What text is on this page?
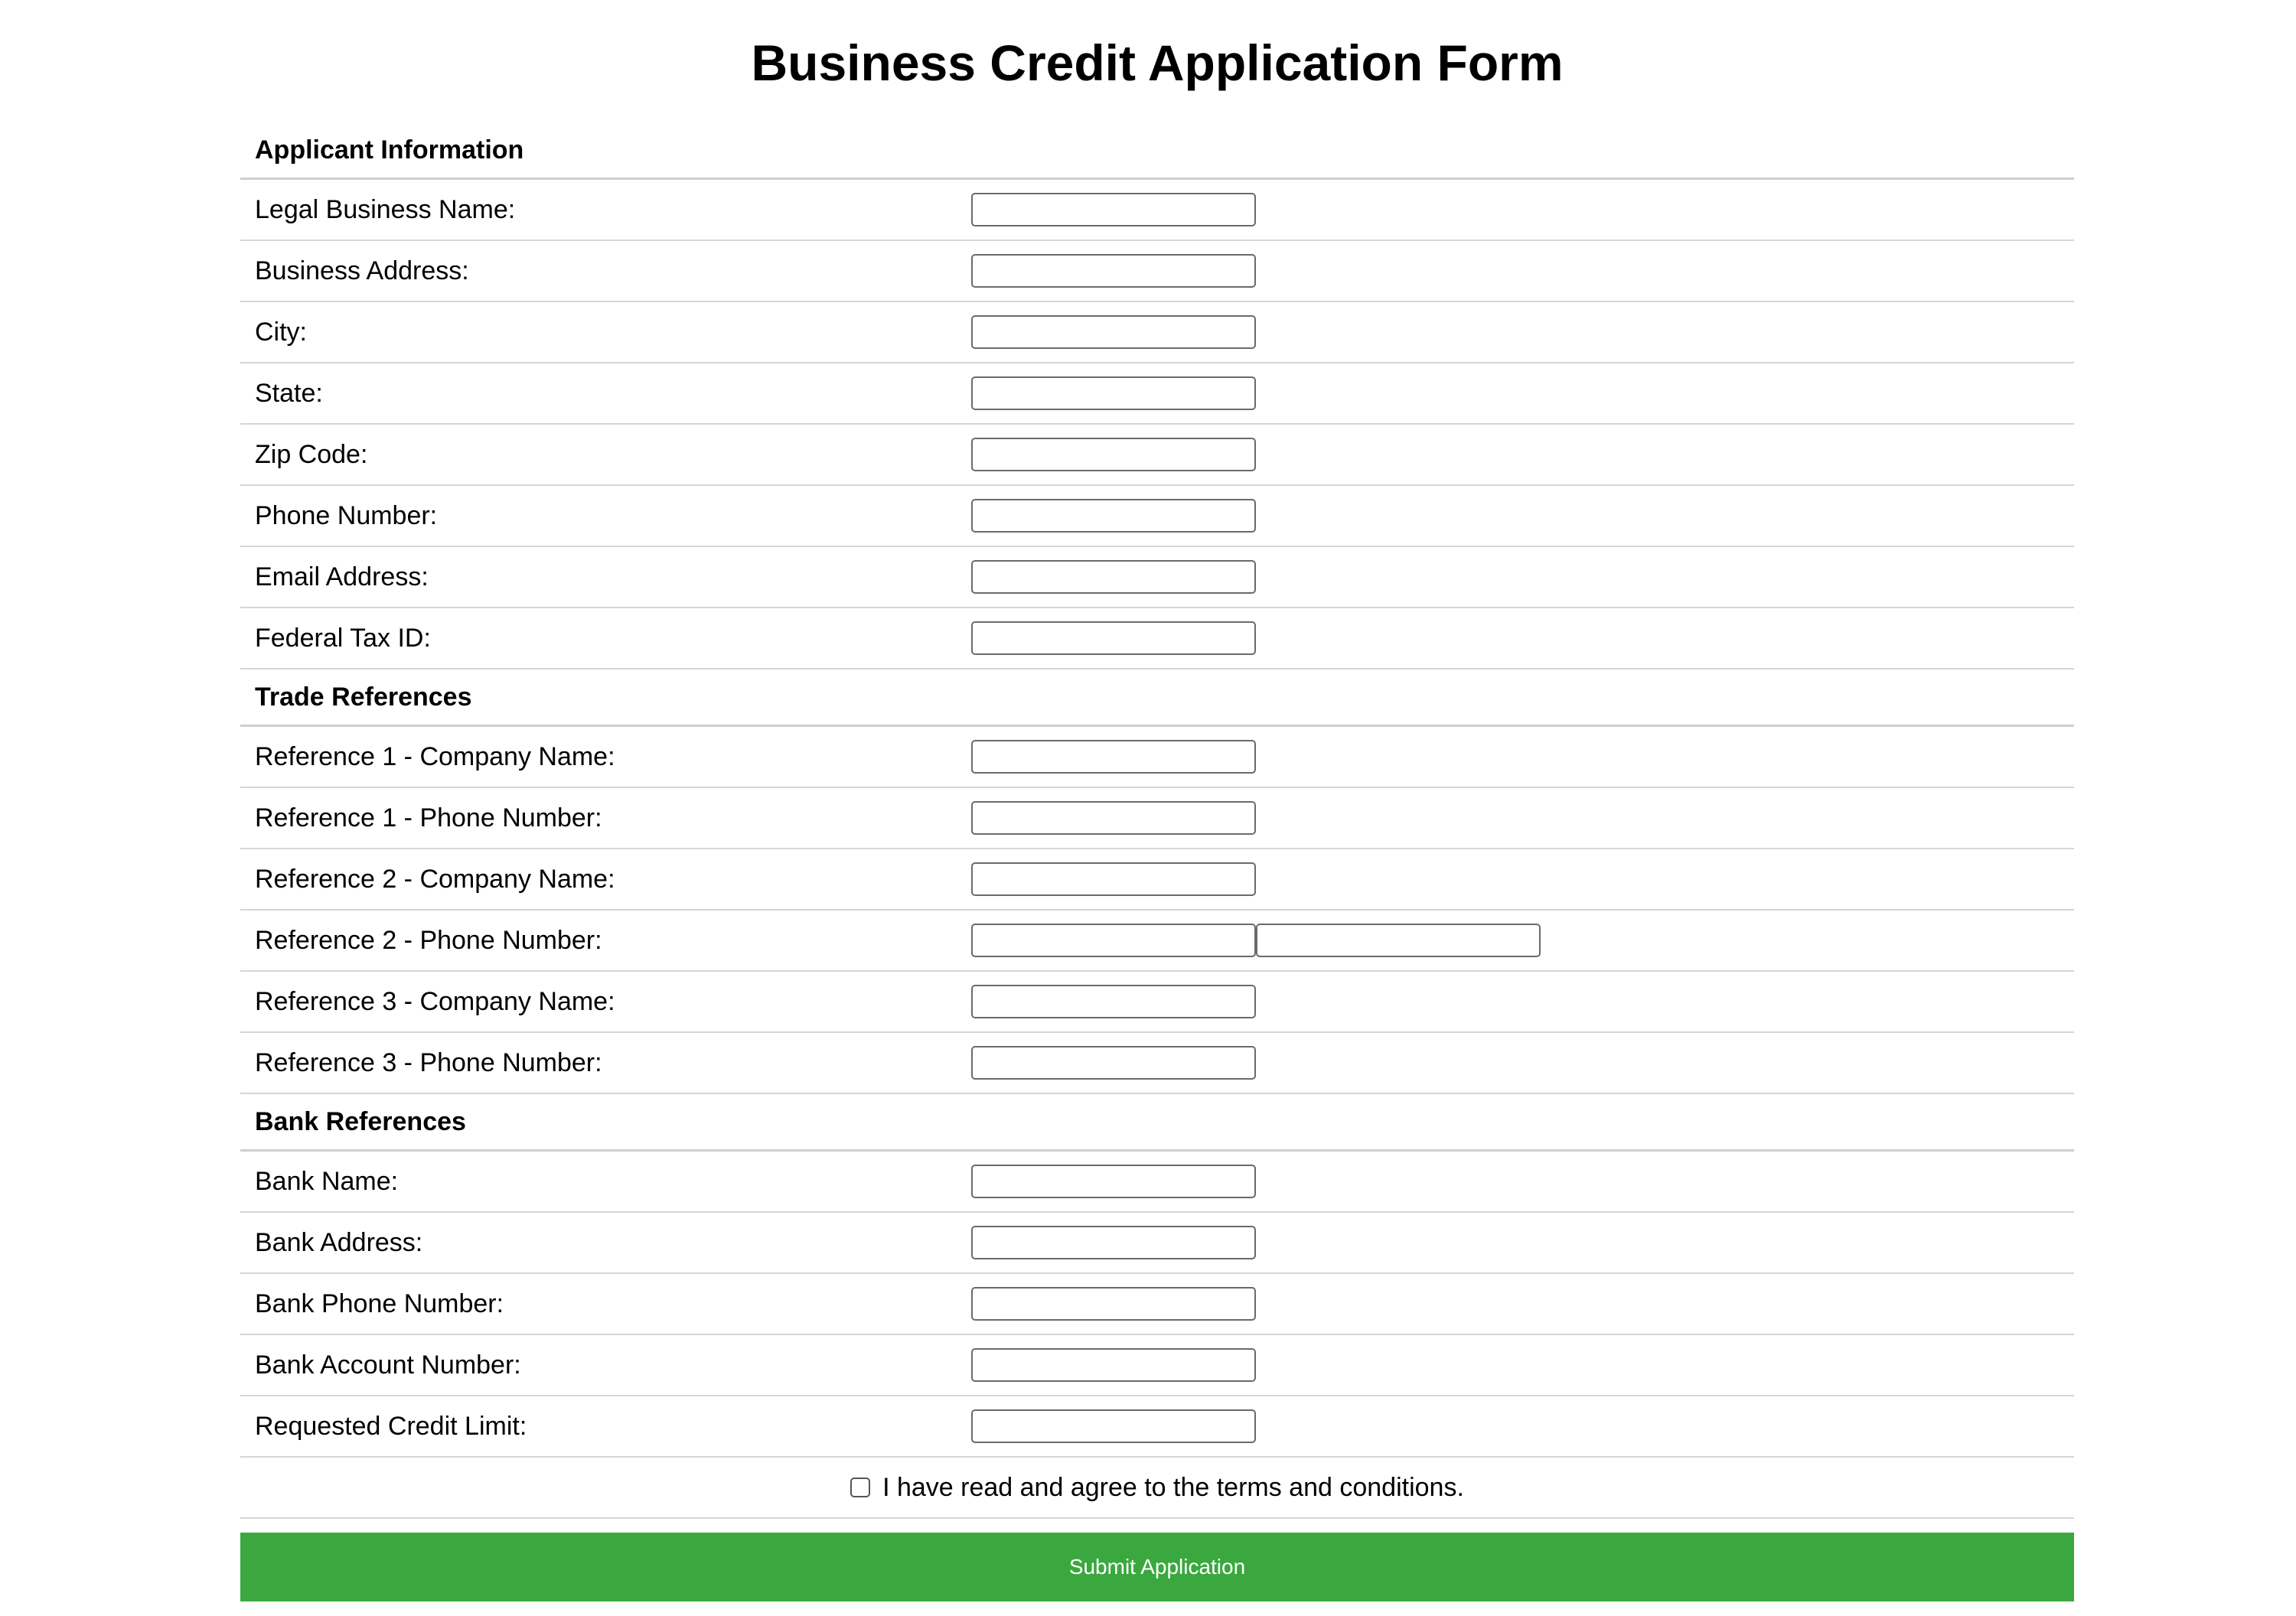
Business Credit Application Form
Applicant Information
Legal Business Name:
Business Address:
City:
State:
Zip Code:
Phone Number:
Email Address:
Federal Tax ID:
Trade References
Reference 1 - Company Name:
Reference 1 - Phone Number:
Reference 2 - Company Name:
Reference 2 - Phone Number:
Reference 3 - Company Name:
Reference 3 - Phone Number:
Bank References
Bank Name:
Bank Address:
Bank Phone Number:
Bank Account Number:
Requested Credit Limit:
I have read and agree to the terms and conditions.
Submit Application
